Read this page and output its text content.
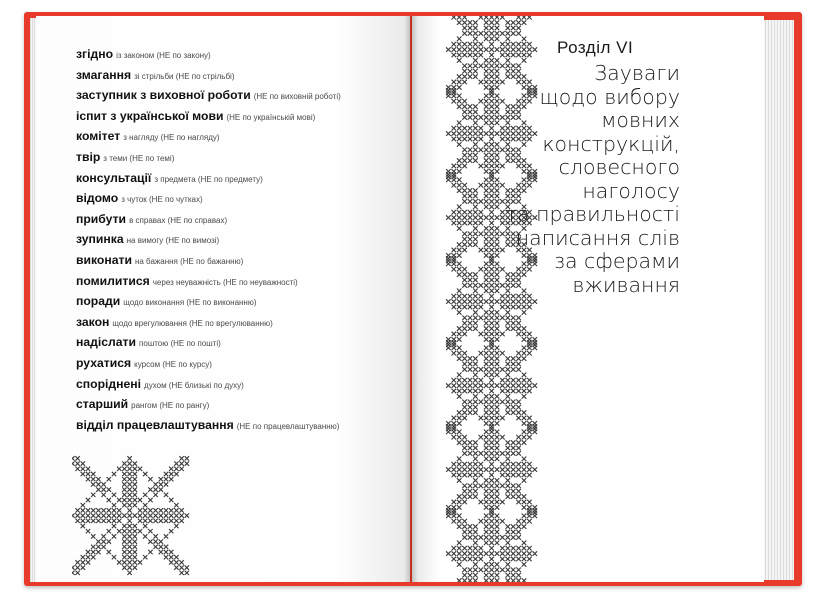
згідно із законом (НЕ по закону)
змагання зі стрільби (НЕ по стрільбі)
заступник з виховної роботи (НЕ по виховній роботі)
іспит з української мови (НЕ по українській мові)
комітет з нагляду (НЕ по нагляду)
твір з теми (НЕ по темі)
консультації з предмета (НЕ по предмету)
відомо з чуток (НЕ по чутках)
прибути в справах (НЕ по справах)
зупинка на вимогу (НЕ по вимозі)
виконати на бажання (НЕ по бажанню)
помилитися через неуважність (НЕ по неуважності)
поради щодо виконання (НЕ по виконанню)
закон щодо врегулювання (НЕ по врегулюванню)
надіслати поштою (НЕ по пошті)
рухатися курсом (НЕ по курсу)
споріднені духом (НЕ близькі по духу)
старший рангом (НЕ по рангу)
відділ працевлаштування (НЕ по працевлаштуванню)
Розділ VI
Зауваги
щодо вибору
мовних
конструкцій,
словесного
наголосу
та правильності
написання слів
за сферами
вживання
